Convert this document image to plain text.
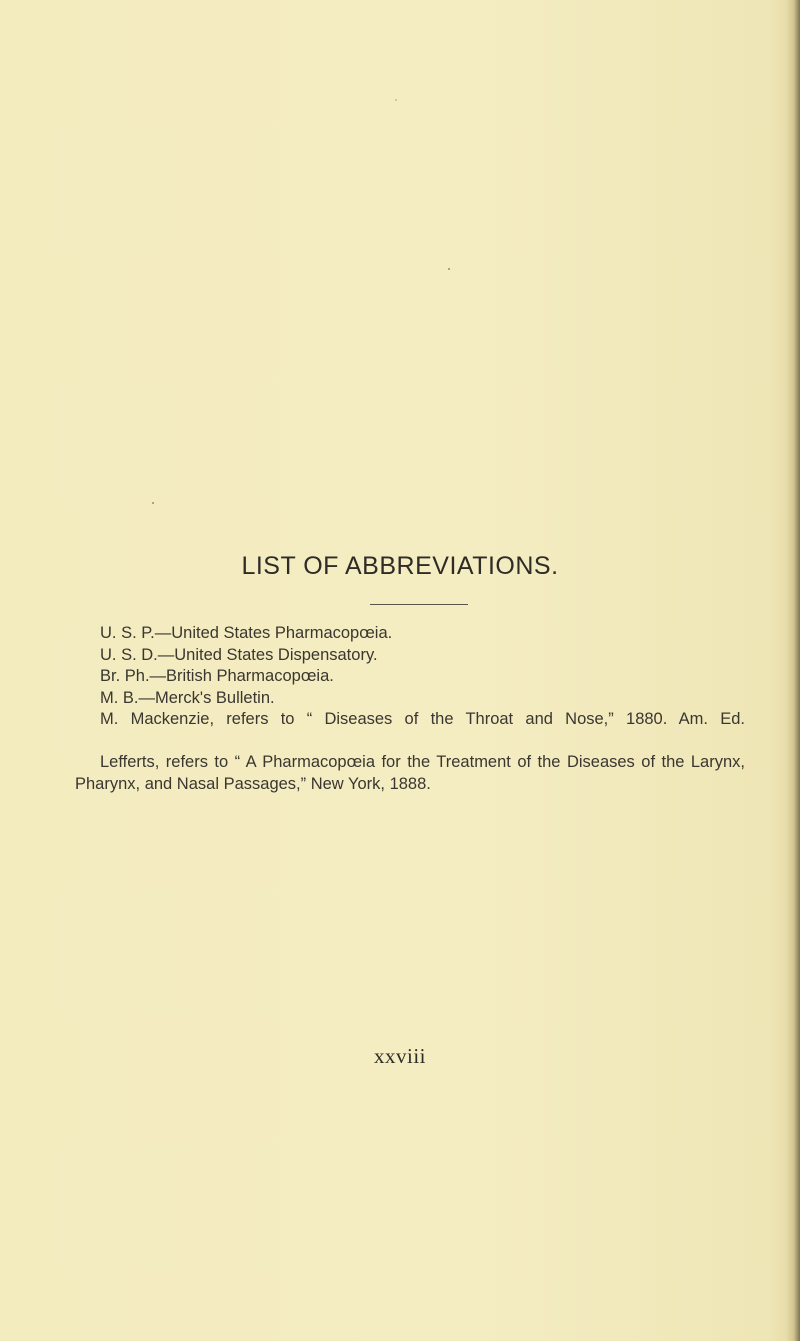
LIST OF ABBREVIATIONS.
U. S. P.—United States Pharmacopœia.
U. S. D.—United States Dispensatory.
Br. Ph.—British Pharmacopœia.
M. B.—Merck's Bulletin.
M. Mackenzie, refers to “ Diseases of the Throat and Nose,” 1880. Am. Ed.
Lefferts, refers to “ A Pharmacopœia for the Treatment of the Diseases of the Larynx, Pharynx, and Nasal Passages,” New York, 1888.
xxviii
